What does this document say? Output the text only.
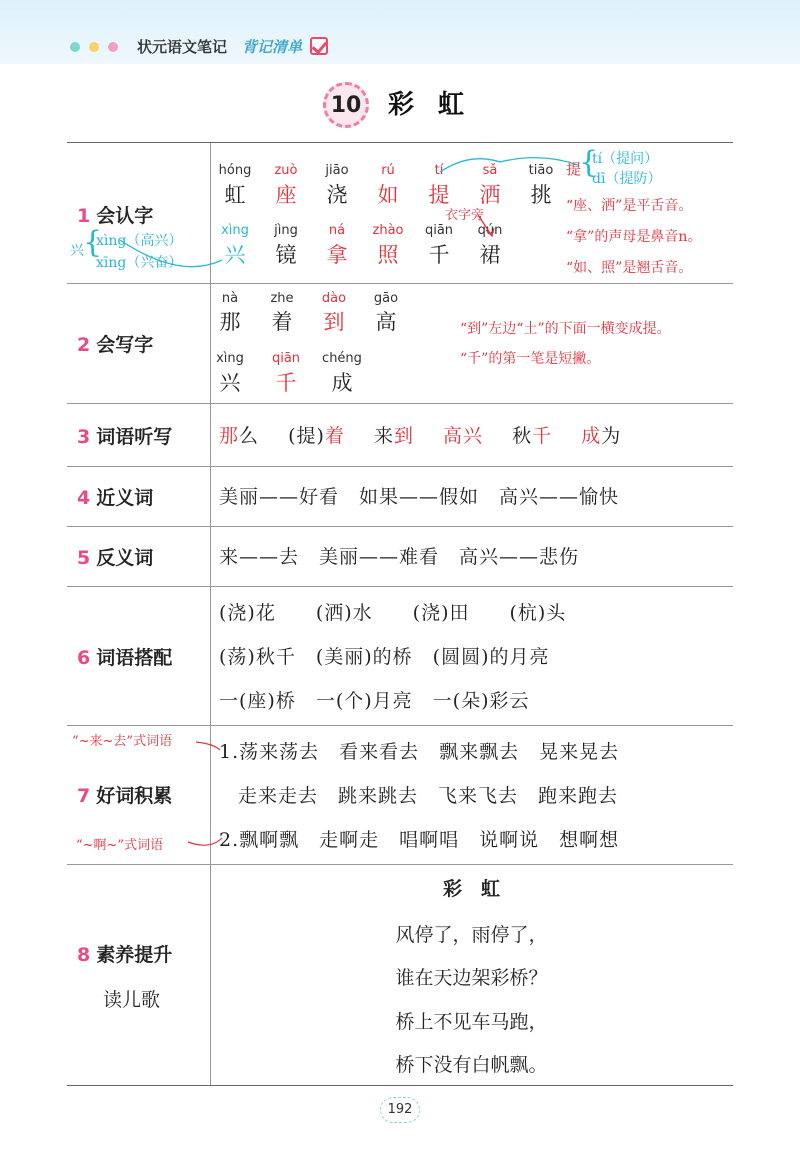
状元语文笔记 背记清单
10 彩虹
1 会认字
2 会写字
3 词语听写
4 近义词
5 反义词
6 词语搭配
7 好词积累
8 素养提升
读儿歌
hóng
虹
zuò
座
jiāo
浇
rú
如
tí
提
sǎ
洒
tiāo
挑
xìng
兴
jìng
镜
ná
拿
zhào
照
qiān
千
qún
裙
nà
那
zhe
着
dào
到
gāo
高
xìng
兴
qiān
千
chéng
成
提
{
tí（提问）
dī（提防）
“座、洒”是平舌音。
“拿”的声母是鼻音n。
“如、照”是翘舌音。
衣字旁
兴 {
xìng（高兴）
xīng（兴奋）
“到”左边“土”的下面一横变成提。
“千”的第一笔是短撇。
那么 (提)着 来到 高兴 秋千 成为
美丽——好看　如果——假如　高兴——愉快
来——去　美丽——难看　高兴——悲伤
(浇)花　　(洒)水　　(浇)田　　(杭)头
(荡)秋千　(美丽)的桥　(圆圆)的月亮
一(座)桥　一(个)月亮　一(朵)彩云
“~来~去”式词语
“~啊~”式词语
1.荡来荡去　看来看去　飘来飘去　晃来晃去
走来走去　跳来跳去　飞来飞去　跑来跑去
2.飘啊飘　走啊走　唱啊唱　说啊说　想啊想
彩　虹
风停了，雨停了，
谁在天边架彩桥？
桥上不见车马跑，
桥下没有白帆飘。
192
